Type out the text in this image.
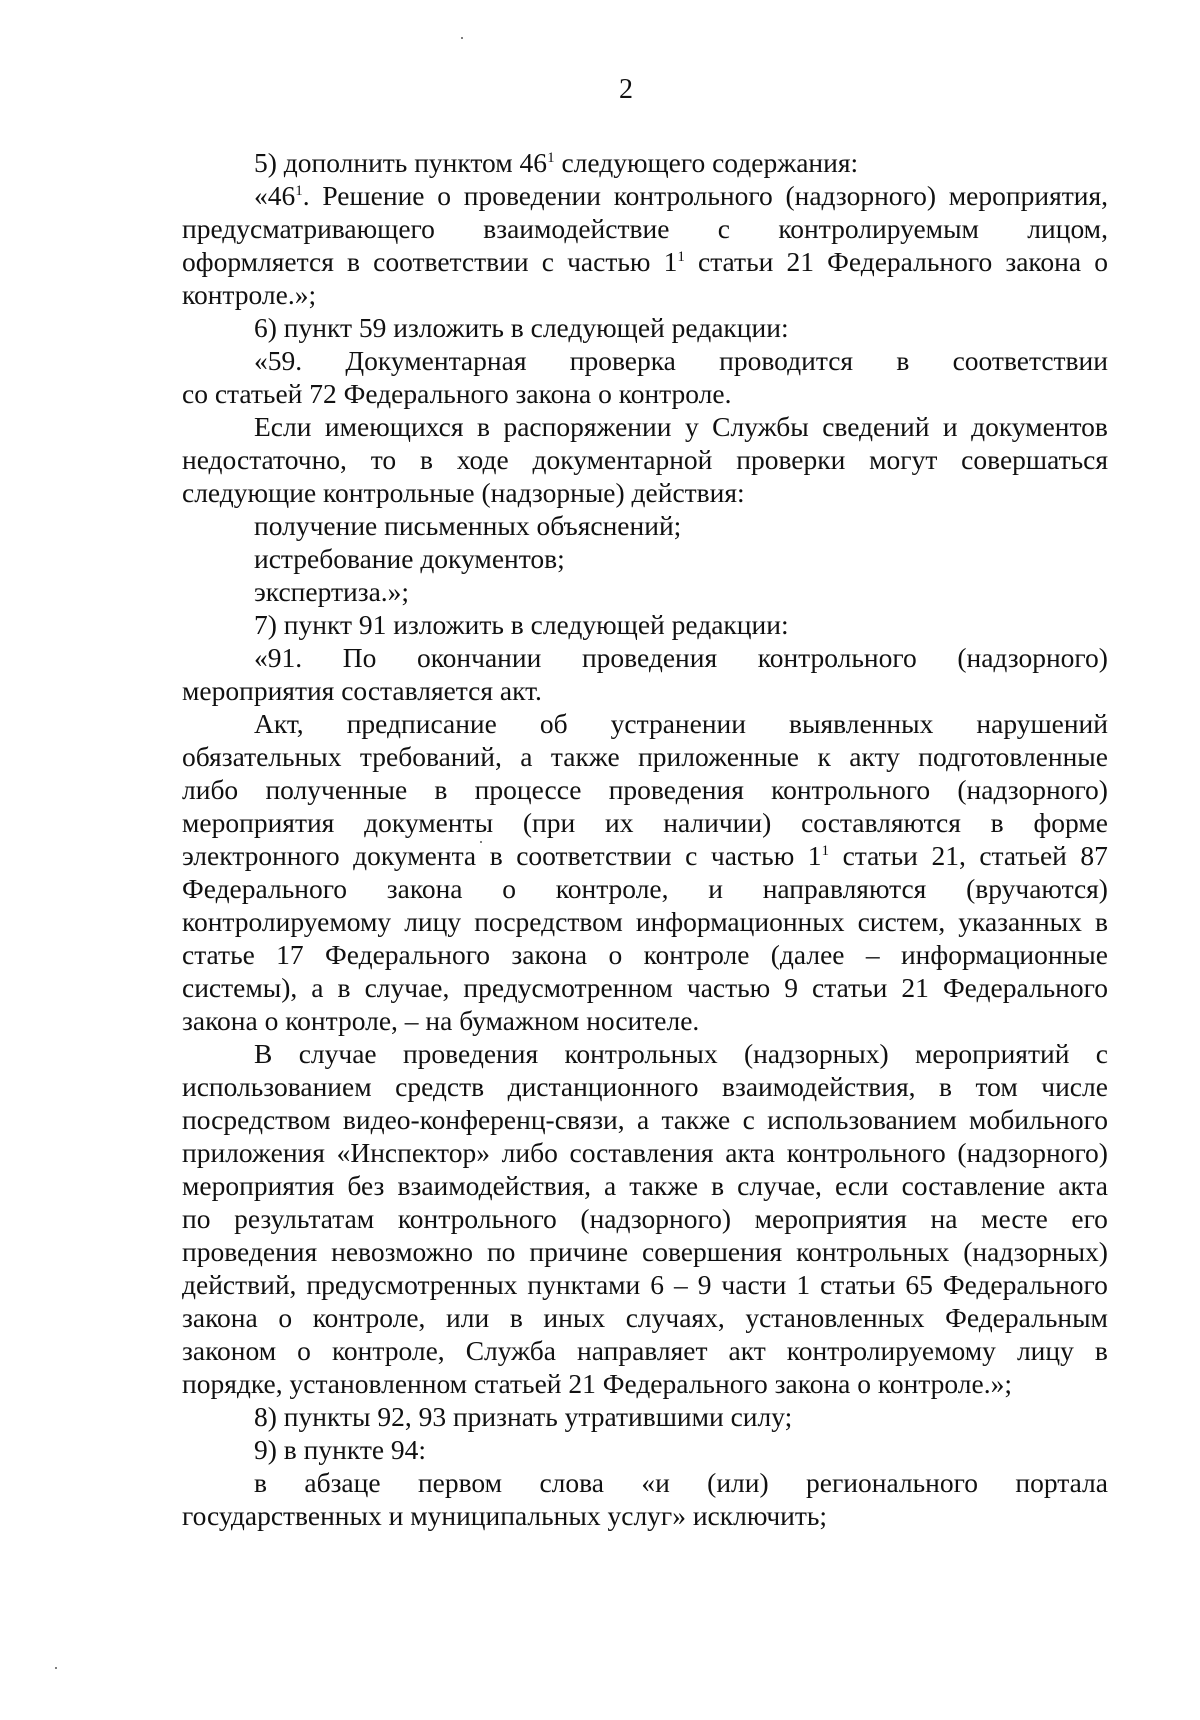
2
5) дополнить пунктом $46^1$ следующего содержания:
«$46^1$. Решение о проведении контрольного (надзорного) мероприятия,
предусматривающего взаимодействие с контролируемым лицом,
оформляется в соответствии с частью $1^1$ статьи 21 Федерального закона о
контроле.»;
6) пункт 59 изложить в следующей редакции:
«59. Документарная проверка проводится в соответствии
со статьей 72 Федерального закона о контроле.
Если имеющихся в распоряжении у Службы сведений и документов
недостаточно, то в ходе документарной проверки могут совершаться
следующие контрольные (надзорные) действия:
получение письменных объяснений;
истребование документов;
экспертиза.»;
7) пункт 91 изложить в следующей редакции:
«91. По окончании проведения контрольного (надзорного)
мероприятия составляется акт.
Акт, предписание об устранении выявленных нарушений
обязательных требований, а также приложенные к акту подготовленные
либо полученные в процессе проведения контрольного (надзорного)
мероприятия документы (при их наличии) составляются в форме
электронного документа в соответствии с частью $1^1$ статьи 21, статьей 87
Федерального закона о контроле, и направляются (вручаются)
контролируемому лицу посредством информационных систем, указанных в
статье 17 Федерального закона о контроле (далее – информационные
системы), а в случае, предусмотренном частью 9 статьи 21 Федерального
закона о контроле, – на бумажном носителе.
В случае проведения контрольных (надзорных) мероприятий с
использованием средств дистанционного взаимодействия, в том числе
посредством видео-конференц-связи, а также с использованием мобильного
приложения «Инспектор» либо составления акта контрольного (надзорного)
мероприятия без взаимодействия, а также в случае, если составление акта
по результатам контрольного (надзорного) мероприятия на месте его
проведения невозможно по причине совершения контрольных (надзорных)
действий, предусмотренных пунктами 6 – 9 части 1 статьи 65 Федерального
закона о контроле, или в иных случаях, установленных Федеральным
законом о контроле, Служба направляет акт контролируемому лицу в
порядке, установленном статьей 21 Федерального закона о контроле.»;
8) пункты 92, 93 признать утратившими силу;
9) в пункте 94:
в абзаце первом слова «и (или) регионального портала
государственных и муниципальных услуг» исключить;
